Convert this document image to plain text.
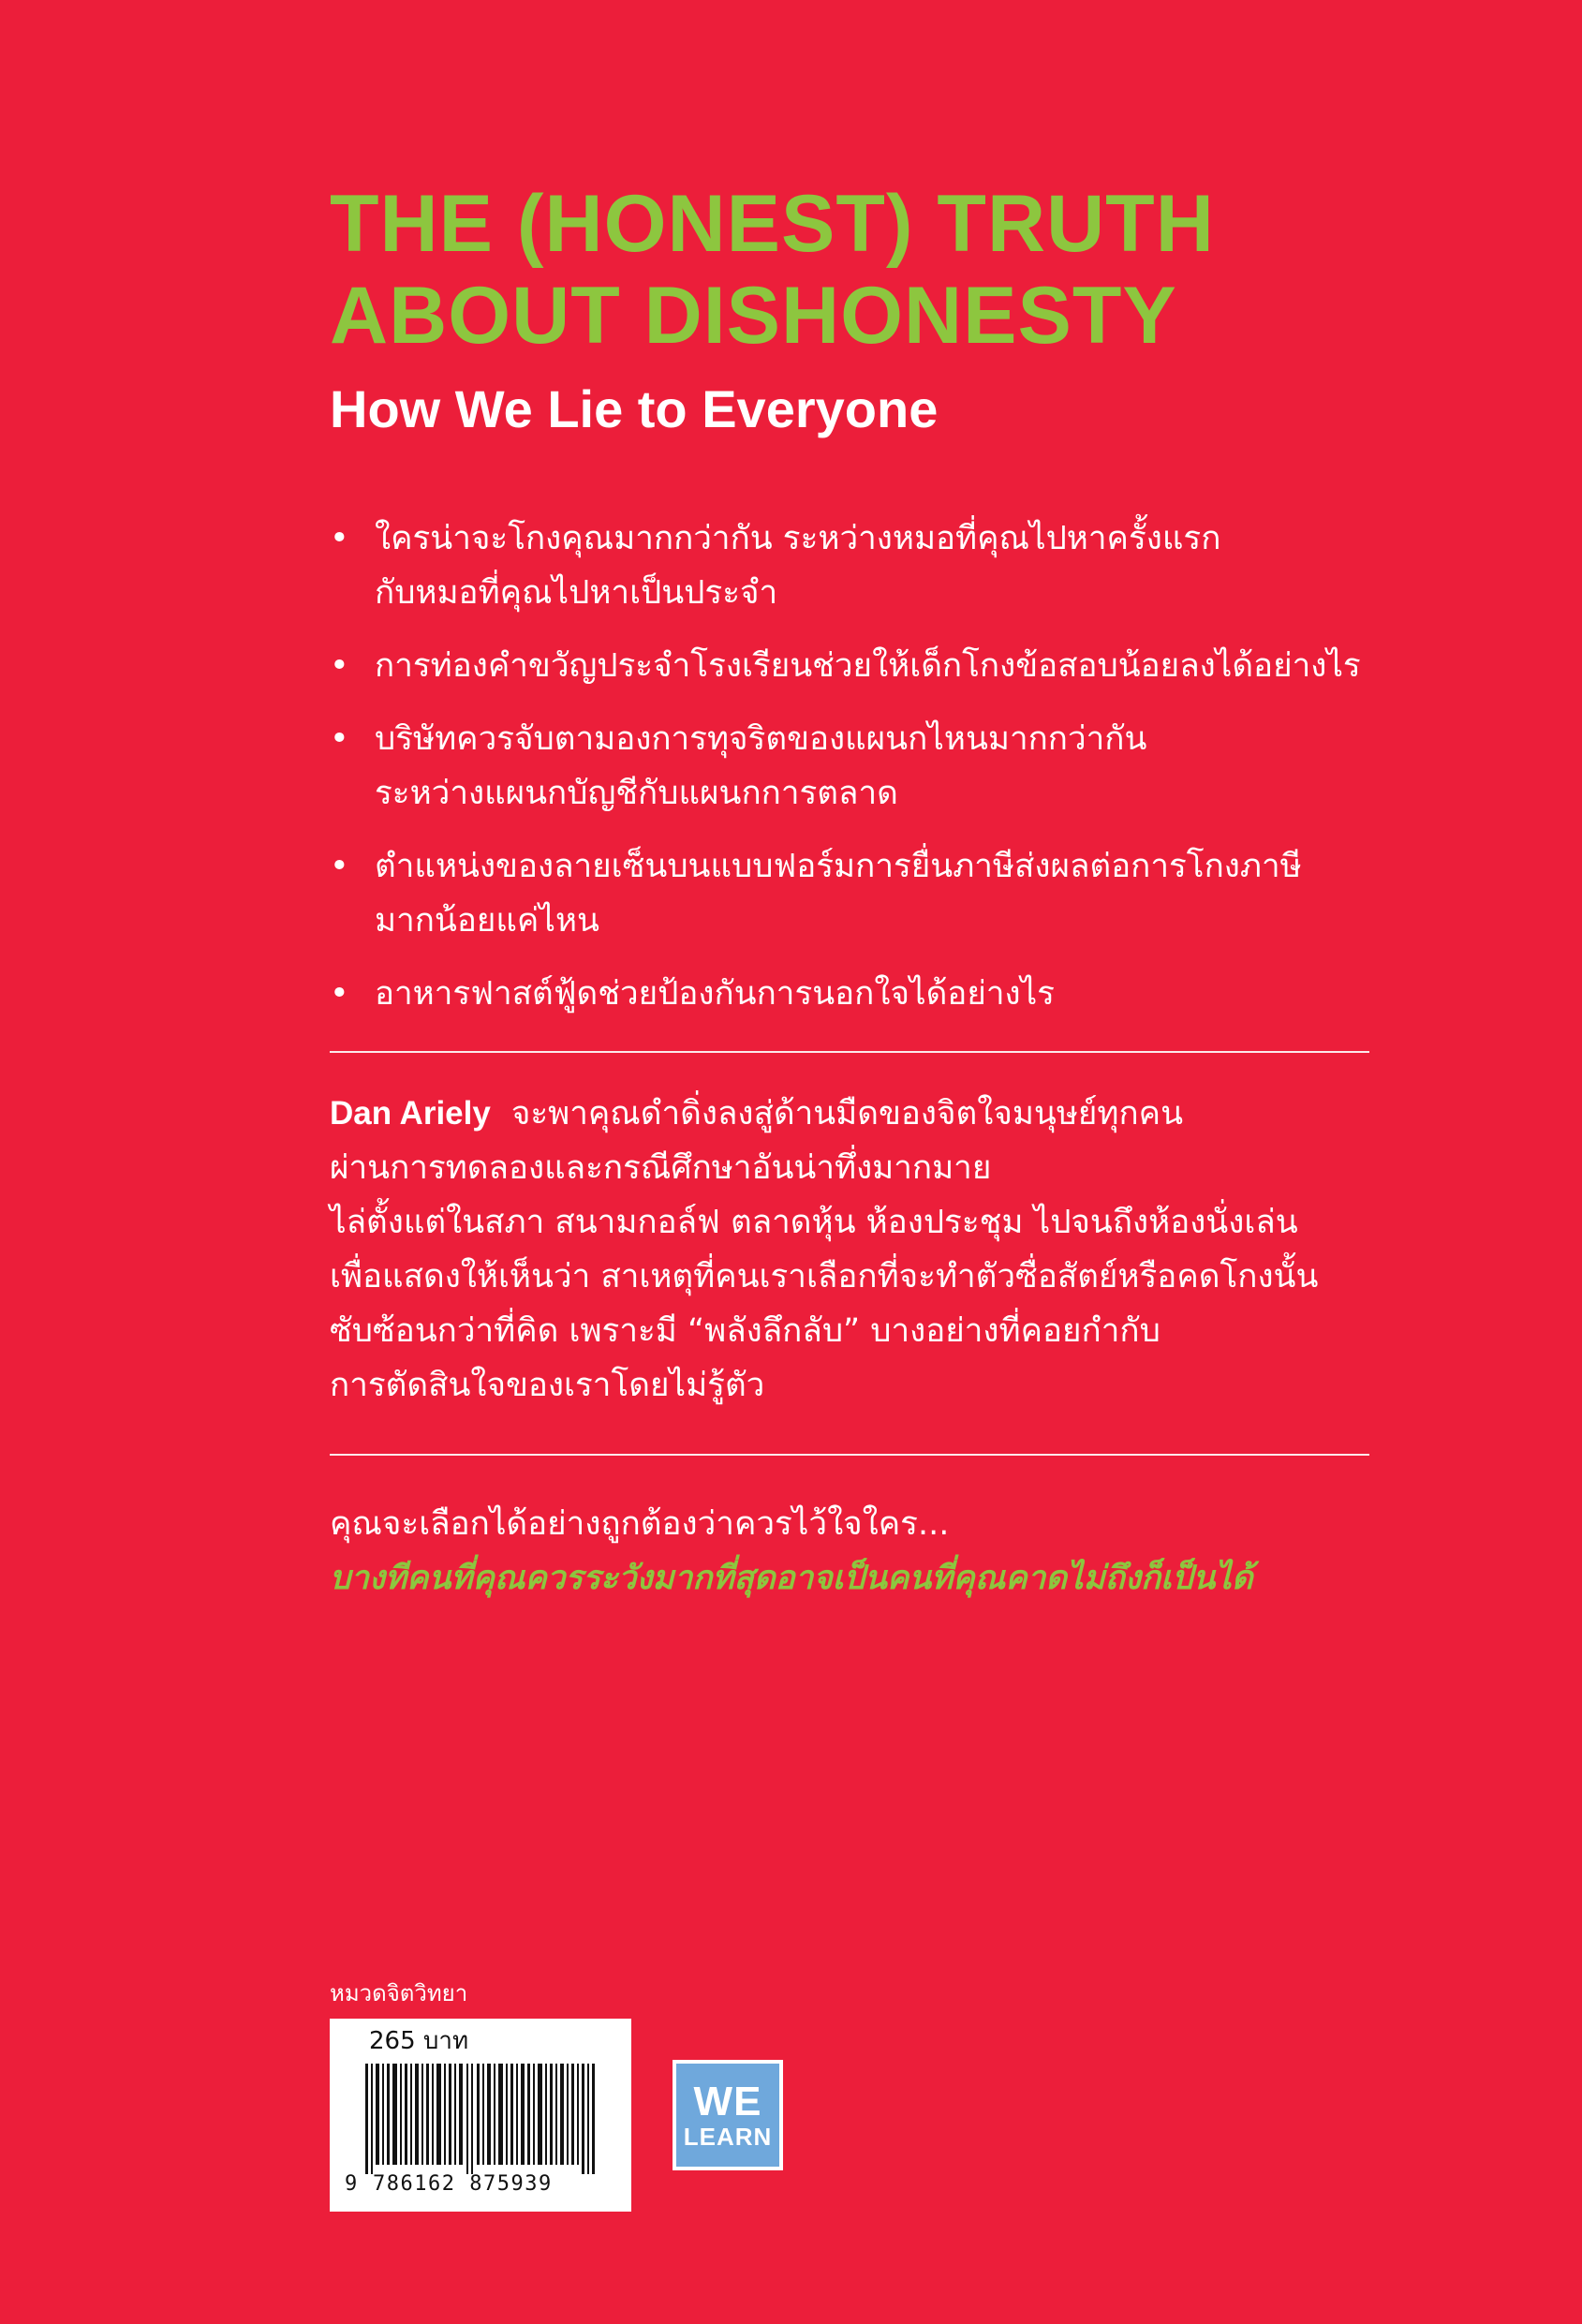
THE (HONEST) TRUTH
ABOUT DISHONESTY
How We Lie to Everyone
• ใครน่าจะโกงคุณมากกว่ากัน ระหว่างหมอที่คุณไปหาครั้งแรก
กับหมอที่คุณไปหาเป็นประจำ
• การท่องคำขวัญประจำโรงเรียนช่วยให้เด็กโกงข้อสอบน้อยลงได้อย่างไร
• บริษัทควรจับตามองการทุจริตของแผนกไหนมากกว่ากัน
ระหว่างแผนกบัญชีกับแผนกการตลาด
• ตำแหน่งของลายเซ็นบนแบบฟอร์มการยื่นภาษีส่งผลต่อการโกงภาษี
มากน้อยแค่ไหน
• อาหารฟาสต์ฟู้ดช่วยป้องกันการนอกใจได้อย่างไร
Dan Ariely จะพาคุณดำดิ่งลงสู่ด้านมืดของจิตใจมนุษย์ทุกคน
ผ่านการทดลองและกรณีศึกษาอันน่าทึ่งมากมาย
ไล่ตั้งแต่ในสภา สนามกอล์ฟ ตลาดหุ้น ห้องประชุม ไปจนถึงห้องนั่งเล่น
เพื่อแสดงให้เห็นว่า สาเหตุที่คนเราเลือกที่จะทำตัวซื่อสัตย์หรือคดโกงนั้น
ซับซ้อนกว่าที่คิด เพราะมี “พลังลึกลับ” บางอย่างที่คอยกำกับ
การตัดสินใจของเราโดยไม่รู้ตัว
คุณจะเลือกได้อย่างถูกต้องว่าควรไว้ใจใคร...
บางทีคนที่คุณควรระวังมากที่สุดอาจเป็นคนที่คุณคาดไม่ถึงก็เป็นได้
หมวดจิตวิทยา
265 บาท
9 786162 875939
WE
LEARN
